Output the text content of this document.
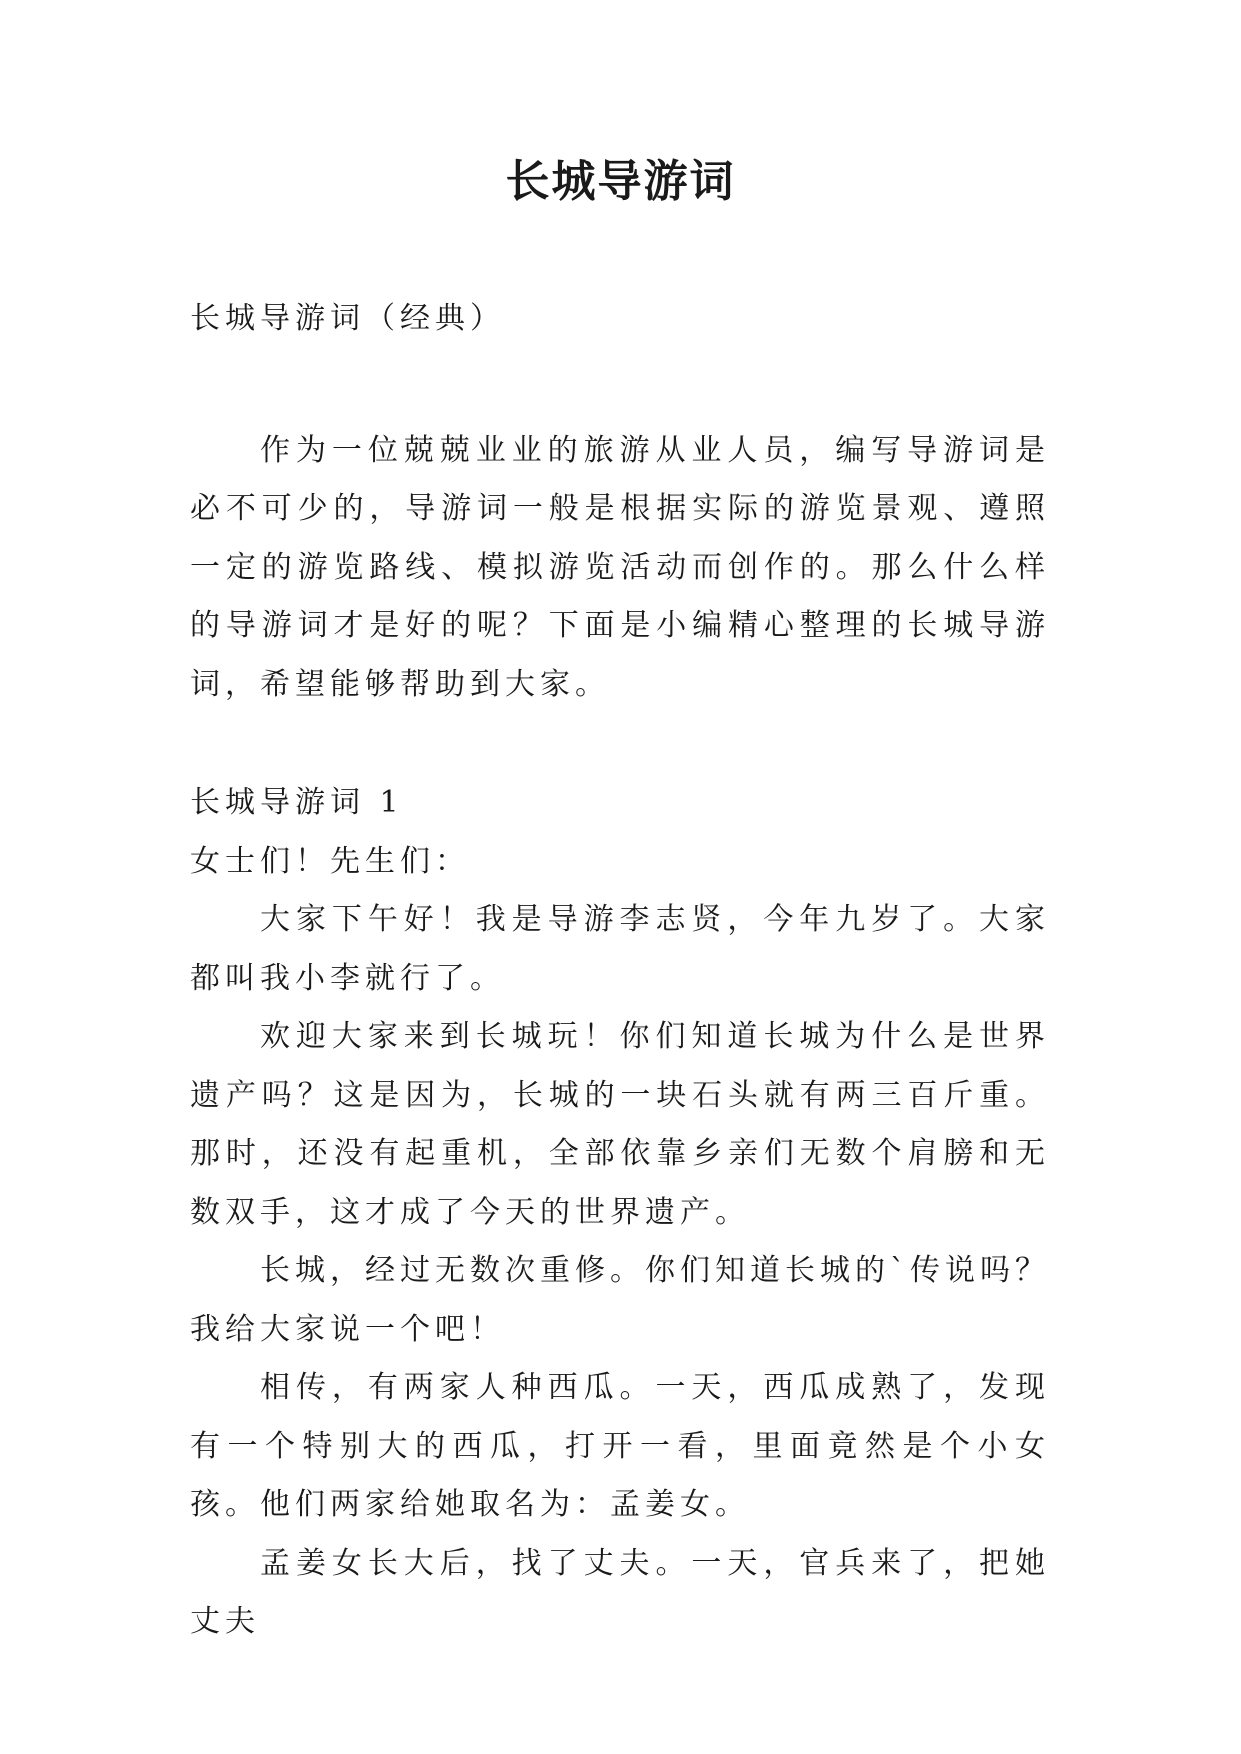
长城导游词

长城导游词（经典）

作为一位兢兢业业的旅游从业人员，编写导游词是必不可少的，导游词一般是根据实际的游览景观、遵照一定的游览路线、模拟游览活动而创作的。那么什么样的导游词才是好的呢？下面是小编精心整理的长城导游词，希望能够帮助到大家。

长城导游词 1

女士们！先生们：

大家下午好！我是导游李志贤，今年九岁了。大家都叫我小李就行了。

欢迎大家来到长城玩！你们知道长城为什么是世界遗产吗？这是因为，长城的一块石头就有两三百斤重。那时，还没有起重机，全部依靠乡亲们无数个肩膀和无数双手，这才成了今天的世界遗产。

长城，经过无数次重修。你们知道长城的`传说吗？我给大家说一个吧！

相传，有两家人种西瓜。一天，西瓜成熟了，发现有一个特别大的西瓜，打开一看，里面竟然是个小女孩。他们两家给她取名为：孟姜女。

孟姜女长大后，找了丈夫。一天，官兵来了，把她丈夫
